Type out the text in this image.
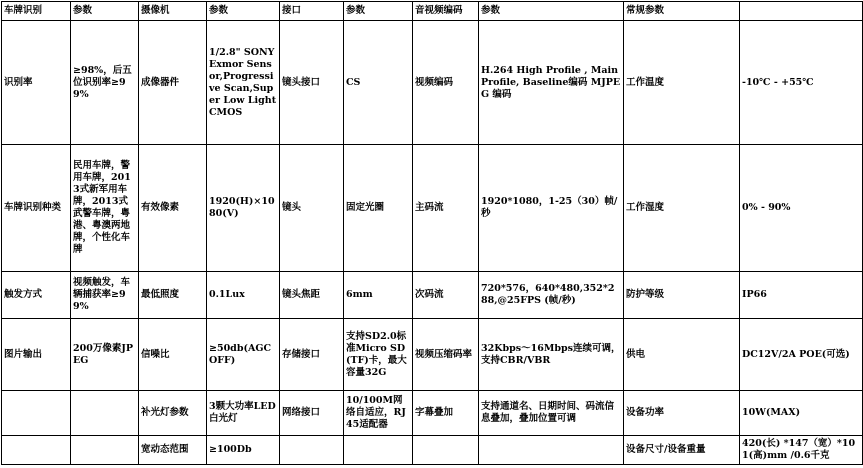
车牌识别	参数	摄像机	参数	接口	参数	音视频编码	参数	常规参数	
识别率	≥98%，后五位识别率≥99%	成像器件	1/2.8" SONY Exmor Sensor,Progressive Scan,Super Low Light CMOS	镜头接口	CS	视频编码	H.264 High Profile , Main Profile, Baseline编码 MJPEG 编码	工作温度	-10℃ - +55℃
车牌识别种类	民用车牌，警用车牌，2013式新军用车牌，2013式武警车牌，粤港、粤澳两地牌，个性化车牌	有效像素	1920(H)×1080(V)	镜头	固定光圈	主码流	1920*1080，1-25（30）帧/秒	工作湿度	0% - 90%
触发方式	视频触发，车辆捕获率≥99%	最低照度	0.1Lux	镜头焦距	6mm	次码流	720*576，640*480,352*288,@25FPS (帧/秒)	防护等级	IP66
图片输出	200万像素JPEG	信噪比	≥50db(AGC OFF)	存储接口	支持SD2.0标准Micro SD(TF)卡，最大容量32G	视频压缩码率	32Kbps～16Mbps连续可调，支持CBR/VBR	供电	DC12V/2A POE(可选)
		补光灯参数	3颗大功率LED白光灯	网络接口	10/100M网络自适应，RJ45适配器	字幕叠加	支持通道名、日期时间、码流信息叠加，叠加位置可调	设备功率	10W(MAX)
		宽动态范围	≥100Db					设备尺寸/设备重量	420(长) *147（宽）*101(高)mm /0.6千克
